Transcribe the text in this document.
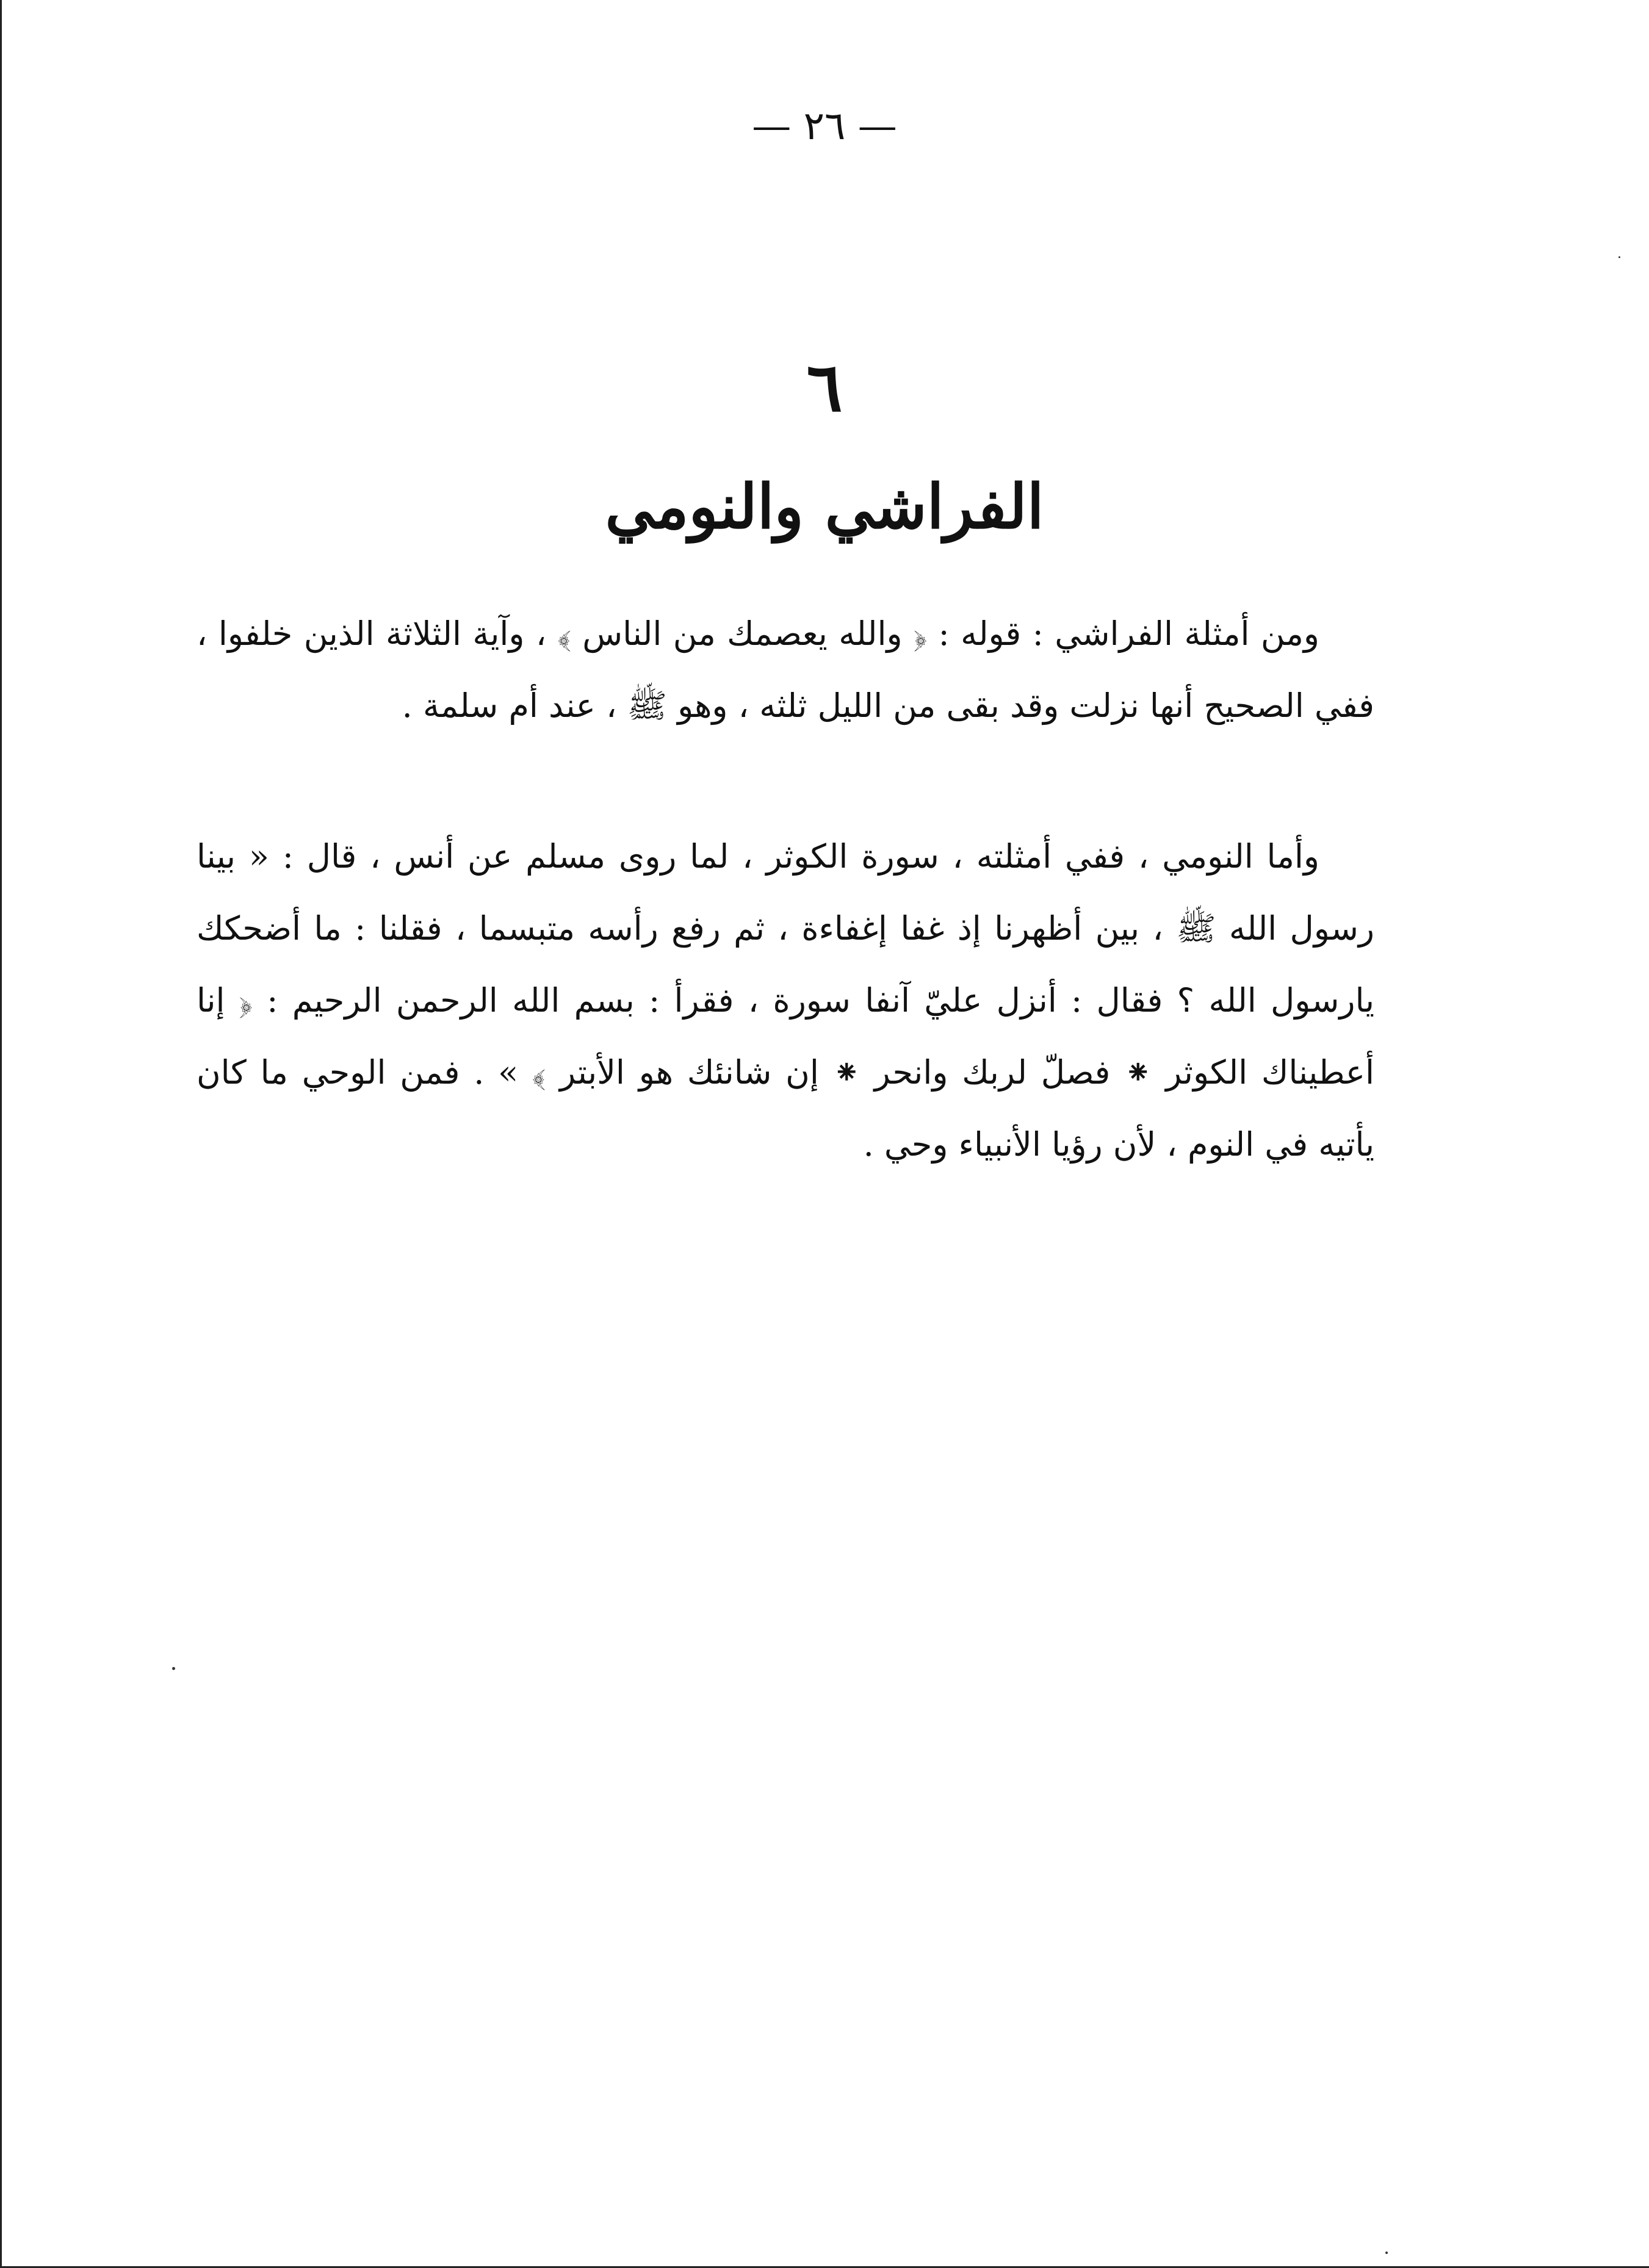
— ٢٦ —
٦
الفراشي والنومي

ومن أمثلة الفراشي : قوله : ﴿ والله يعصمك من الناس ﴾ ، وآية الثلاثة الذين خلفوا ، ففي الصحيح أنها نزلت وقد بقى من الليل ثلثه ، وهو ﷺ ، عند أم سلمة .

وأما النومي ، ففي أمثلته ، سورة الكوثر ، لما روى مسلم عن أنس ، قال : « بينا رسول الله ﷺ ، بين أظهرنا إذ غفا إغفاءة ، ثم رفع رأسه متبسما ، فقلنا : ما أضحكك يارسول الله ؟ فقال : أنزل عليّ آنفا سورة ، فقرأ : بسم الله الرحمن الرحيم : ﴿ إنا أعطيناك الكوثر ⁕ فصلّ لربك وانحر ⁕ إن شانئك هو الأبتر ﴾ » . فمن الوحي ما كان يأتيه في النوم ، لأن رؤيا الأنبياء وحي .
